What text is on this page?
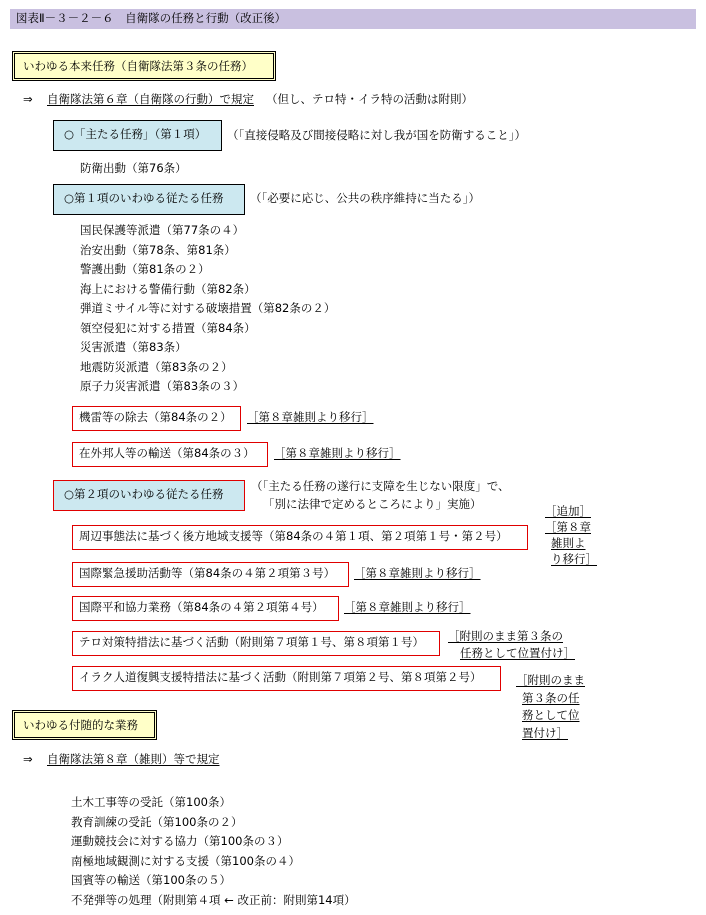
図表Ⅱ－３－２－６　自衛隊の任務と行動（改正後）
いわゆる本来任務（自衛隊法第３条の任務）
⇒ 自衛隊法第６章（自衛隊の行動）で規定 （但し、テロ特・イラ特の活動は附則）
○「主たる任務」（第１項）	（「直接侵略及び間接侵略に対し我が国を防衛すること」）
防衛出動（第76条）
○第１項のいわゆる従たる任務	（「必要に応じ、公共の秩序維持に当たる」）
国民保護等派遣（第77条の４）
治安出動（第78条、第81条）
警護出動（第81条の２）
海上における警備行動（第82条）
弾道ミサイル等に対する破壊措置（第82条の２）
領空侵犯に対する措置（第84条）
災害派遣（第83条）
地震防災派遣（第83条の２）
原子力災害派遣（第83条の３）
機雷等の除去（第84条の２）	［第８章雑則より移行］
在外邦人等の輸送（第84条の３）	［第８章雑則より移行］
○第２項のいわゆる従たる任務
（「主たる任務の遂行に支障を生じない限度」で、
「別に法律で定めるところにより」実施）
周辺事態法に基づく後方地域支援等（第84条の４第１項、第２項第１号・第２号）
［追加］
［第８章
雑則よ
り移行］
国際緊急援助活動等（第84条の４第２項第３号）	［第８章雑則より移行］
国際平和協力業務（第84条の４第２項第４号）	［第８章雑則より移行］
テロ対策特措法に基づく活動（附則第７項第１号、第８項第１号）	［附則のまま第３条の
任務として位置付け］
イラク人道復興支援特措法に基づく活動（附則第７項第２号、第８項第２号）	［附則のまま
第３条の任
務として位
置付け］
いわゆる付随的な業務
⇒ 自衛隊法第８章（雑則）等で規定
土木工事等の受託（第100条）
教育訓練の受託（第100条の２）
運動競技会に対する協力（第100条の３）
南極地域観測に対する支援（第100条の４）
国賓等の輸送（第100条の５）
不発弾等の処理（附則第４項 ← 改正前：附則第14項）
